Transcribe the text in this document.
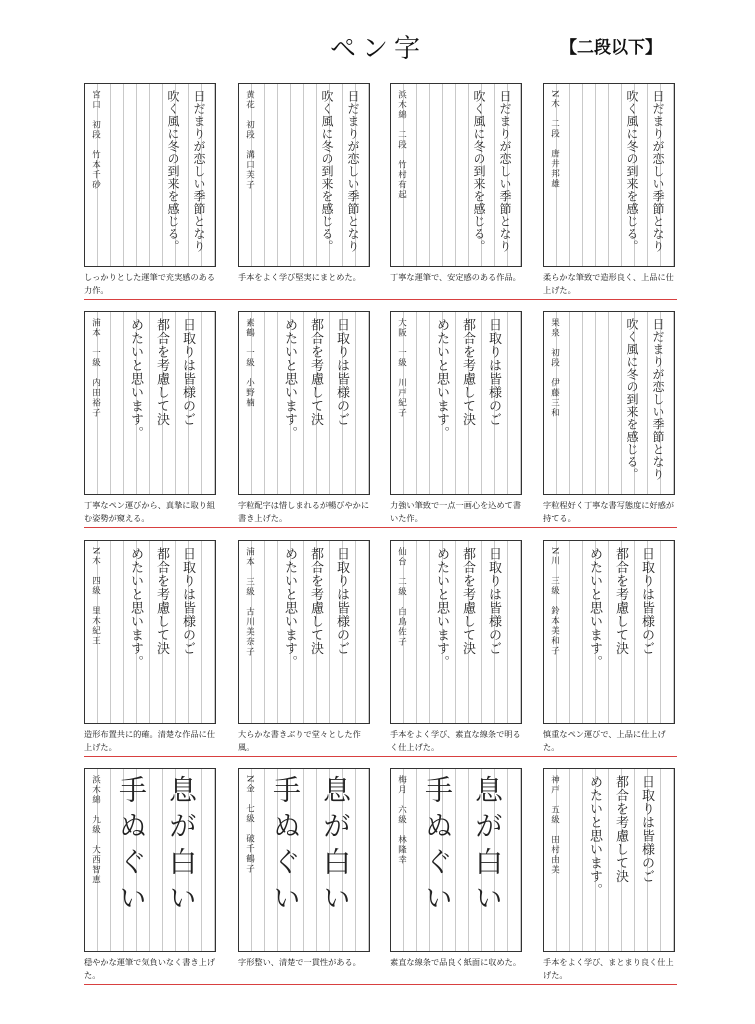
ペン字	【二段以下】
日だまりが恋しい季節となり
吹く風に冬の到来を感じる。
宮口　初段　竹本千砂
しっかりとした運筆で充実感のある力作。
日だまりが恋しい季節となり
吹く風に冬の到来を感じる。
黄花　初段　溝口芙子
手本をよく学び堅実にまとめた。
日だまりが恋しい季節となり
吹く風に冬の到来を感じる。
浜木綿　二段　竹村有起
丁寧な運筆で、安定感のある作品。
日だまりが恋しい季節となり
吹く風に冬の到来を感じる。
N木　二段　唐井邦雄
柔らかな筆致で造形良く、上品に仕上げた。
日取りは皆様のご
都合を考慮して決
めたいと思います。
浦本　一級　内田裕子
丁寧なペン運びから、真摯に取り組む姿勢が窺える。
日取りは皆様のご
都合を考慮して決
めたいと思います。
素鶴　一級　小野楠
字粒配字は惜しまれるが暢びやかに書き上げた。
日取りは皆様のご
都合を考慮して決
めたいと思います。
大阪　一級　川戸紀子
力強い筆致で一点一画心を込めて書いた作。
日だまりが恋しい季節となり
吹く風に冬の到来を感じる。
果泉　初段　伊藤三和
字粒程好く丁寧な書写態度に好感が持てる。
日取りは皆様のご
都合を考慮して決
めたいと思います。
N木　四級　里木紀王
造形布置共に的確。清楚な作品に仕上げた。
日取りは皆様のご
都合を考慮して決
めたいと思います。
浦本　三級　古川美奈子
大らかな書きぶりで堂々とした作風。
日取りは皆様のご
都合を考慮して決
めたいと思います。
仙台　二級　白鳥佐子
手本をよく学び、素直な線条で明るく仕上げた。
日取りは皆様のご
都合を考慮して決
めたいと思います。
N川　三級　鈴本美和子
慎重なペン運びで、上品に仕上げた。
息が白い
手ぬぐい
浜木綿　九級　大西智恵
穏やかな運筆で気負いなく書き上げた。
息が白い
手ぬぐい
N金　七級　破千鶴子
字形整い、清楚で一貫性がある。
息が白い
手ぬぐい
梅月　六級　林隆幸
素直な線条で品良く紙面に収めた。
日取りは皆様のご
都合を考慮して決
めたいと思います。
神戸　五級　田村由美
手本をよく学び、まとまり良く仕上げた。
